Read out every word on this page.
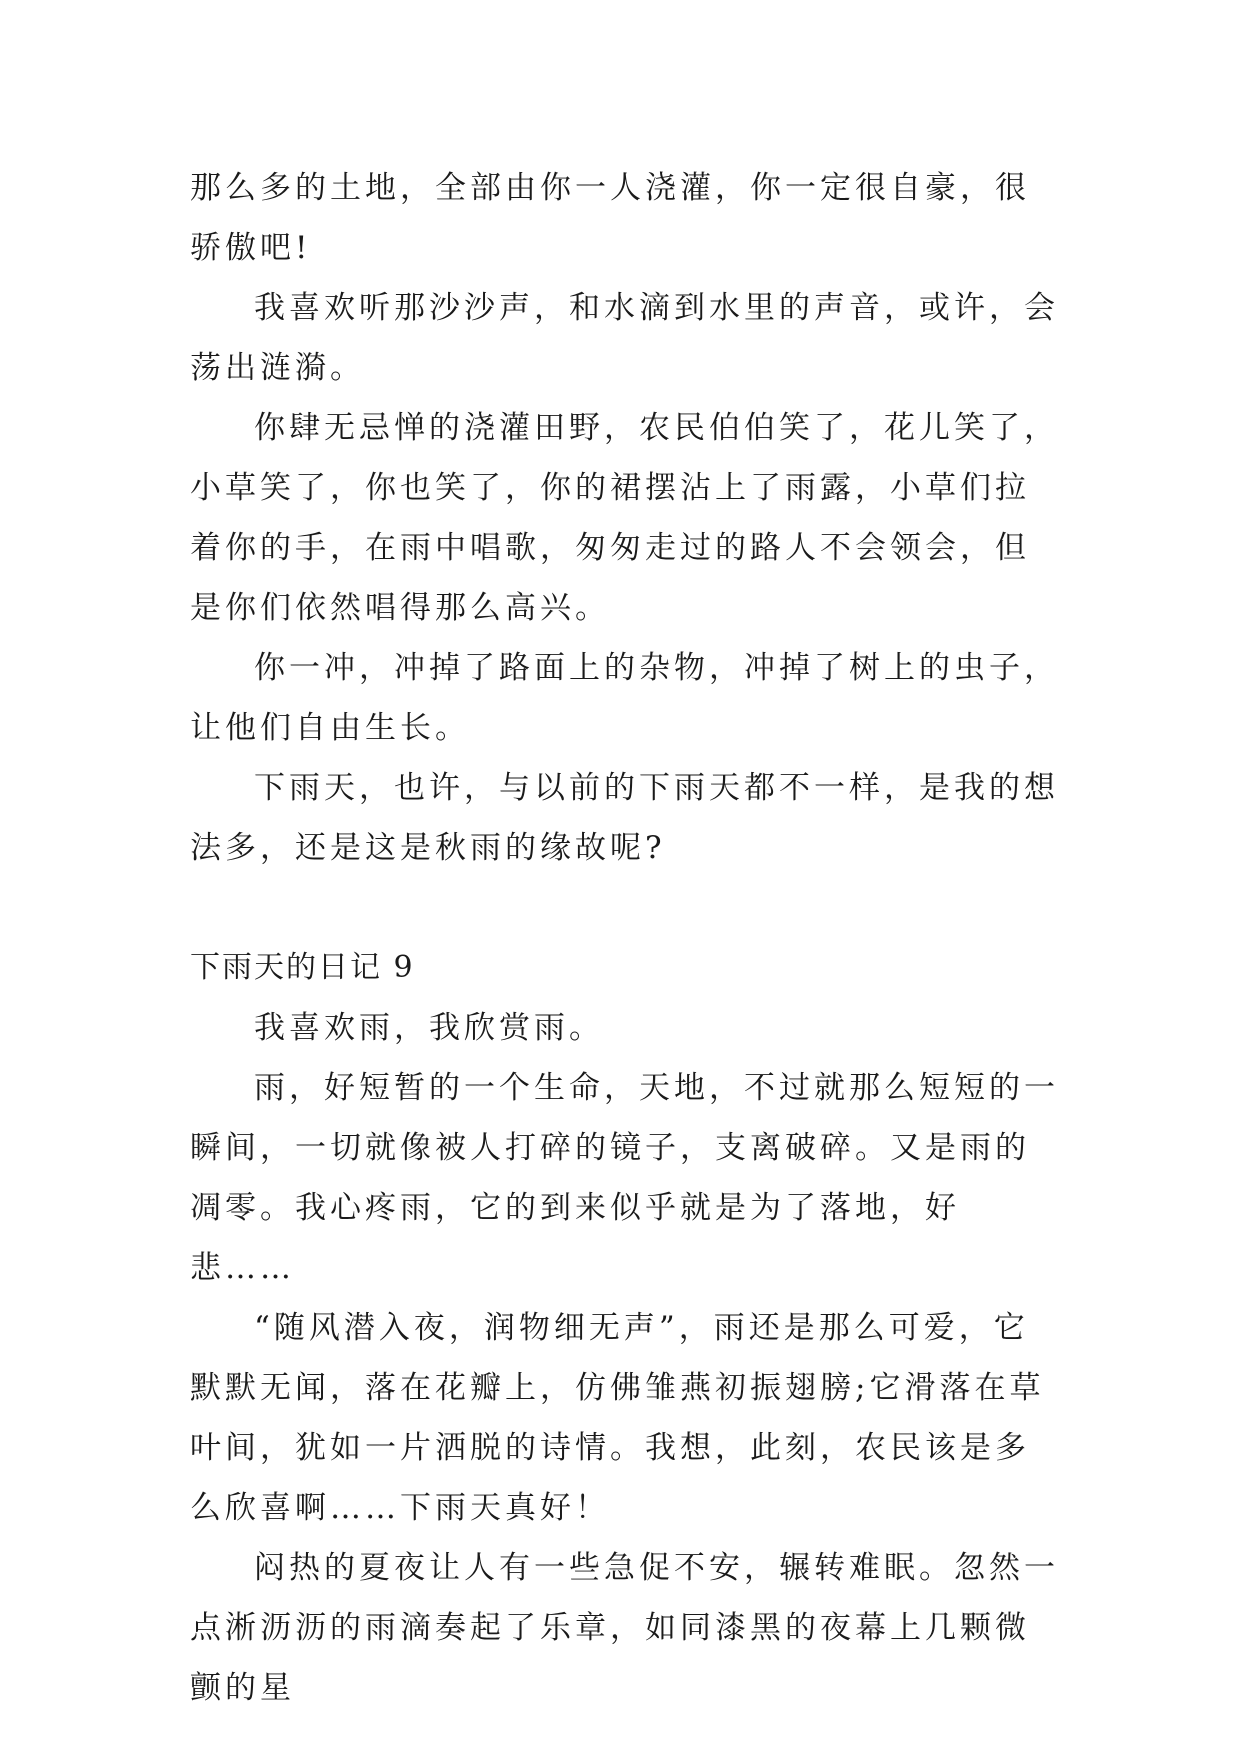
那么多的土地，全部由你一人浇灌，你一定很自豪，很骄傲吧!

我喜欢听那沙沙声，和水滴到水里的声音，或许，会荡出涟漪。

你肆无忌惮的浇灌田野，农民伯伯笑了，花儿笑了，小草笑了，你也笑了，你的裙摆沾上了雨露，小草们拉着你的手，在雨中唱歌，匆匆走过的路人不会领会，但是你们依然唱得那么高兴。

你一冲，冲掉了路面上的杂物，冲掉了树上的虫子，让他们自由生长。

下雨天，也许，与以前的下雨天都不一样，是我的想法多，还是这是秋雨的缘故呢?

下雨天的日记 9

我喜欢雨，我欣赏雨。

雨，好短暂的一个生命，天地，不过就那么短短的一瞬间，一切就像被人打碎的镜子，支离破碎。又是雨的凋零。我心疼雨，它的到来似乎就是为了落地，好悲……

“随风潜入夜，润物细无声”，雨还是那么可爱，它默默无闻，落在花瓣上，仿佛雏燕初振翅膀;它滑落在草叶间，犹如一片洒脱的诗情。我想，此刻，农民该是多么欣喜啊……下雨天真好！

闷热的夏夜让人有一些急促不安，辗转难眠。忽然一点淅沥沥的雨滴奏起了乐章，如同漆黑的夜幕上几颗微颤的星
